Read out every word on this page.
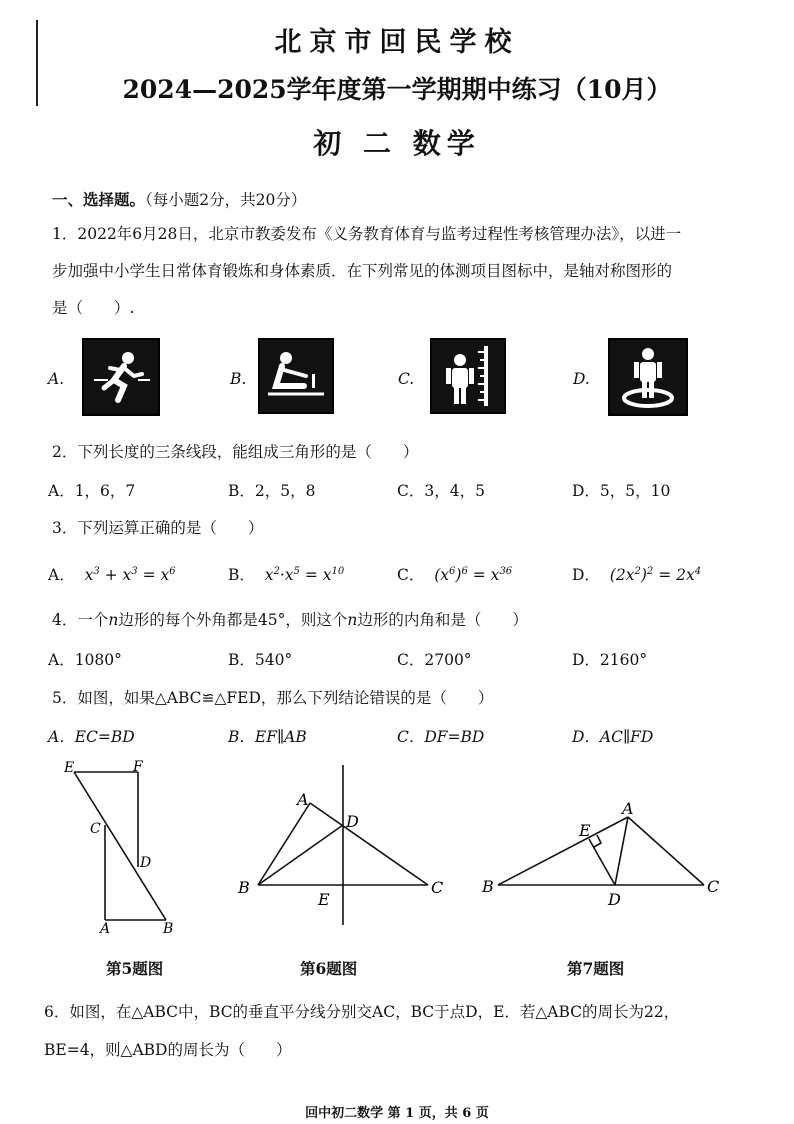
北京市回民学校
2024—2025学年度第一学期期中练习（10月）
初 二 数学
一、选择题。（每小题2分，共20分）
1．2022年6月28日，北京市教委发布《义务教育体育与监考过程性考核管理办法》，以进一
步加强中小学生日常体育锻炼和身体素质．在下列常见的体测项目图标中，是轴对称图形的
是（　　）.
A.	B.	C.	D.
2．下列长度的三条线段，能组成三角形的是（　　）
A．1，6，7	B．2，5，8	C．3，4，5	D．5，5，10
3．下列运算正确的是（　　）
A．  $x^3 + x^3 = x^6$	B．  $x^2\cdot x^5 = x^{10}$	C．  $(x^6)^6 = x^{36}$	D．  $(2x^2)^2 = 2x^4$
4．一个n边形的每个外角都是45°，则这个n边形的内角和是（　　）
A．1080°	B．540°	C．2700°	D．2160°
5．如图，如果△ABC≌△FED，那么下列结论错误的是（　　）
A．EC=BD	B．EF∥AB	C．DF=BD	D．AC∥FD
E	F
C
D
A	B
A
D
B
E
C
E
A
B
D
C
第5题图	第6题图	第7题图
6．如图，在△ABC中，BC的垂直平分线分别交AC，BC于点D，E．若△ABC的周长为22，
BE=4，则△ABD的周长为（　　）
回中初二数学 第 1 页，共 6 页
